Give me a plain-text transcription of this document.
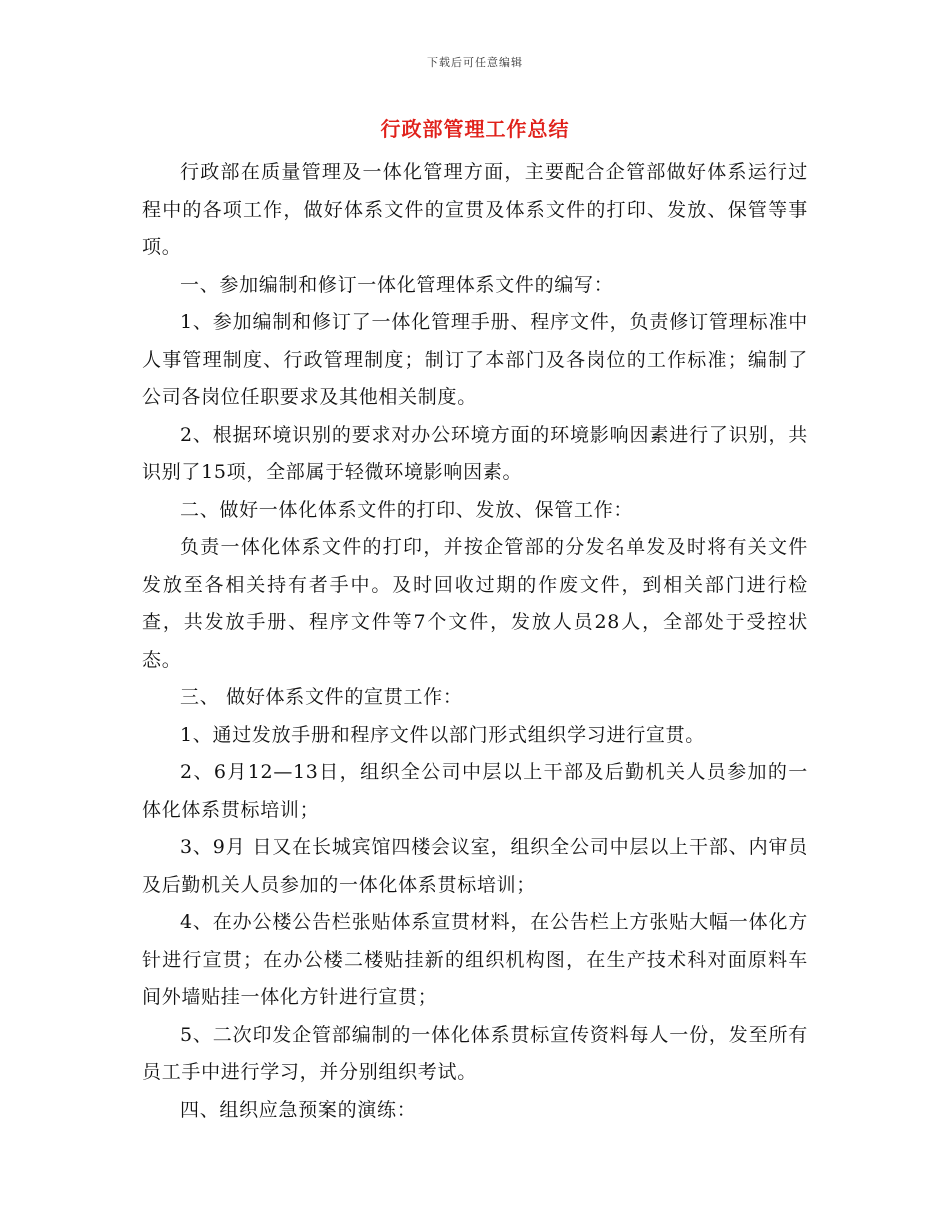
下载后可任意编辑
行政部管理工作总结

行政部在质量管理及一体化管理方面，主要配合企管部做好体系运行过程中的各项工作，做好体系文件的宣贯及体系文件的打印、发放、保管等事项。

一、参加编制和修订一体化管理体系文件的编写：

1、参加编制和修订了一体化管理手册、程序文件，负责修订管理标准中人事管理制度、行政管理制度；制订了本部门及各岗位的工作标准；编制了公司各岗位任职要求及其他相关制度。

2、根据环境识别的要求对办公环境方面的环境影响因素进行了识别，共识别了15项，全部属于轻微环境影响因素。

二、做好一体化体系文件的打印、发放、保管工作：

负责一体化体系文件的打印，并按企管部的分发名单发及时将有关文件发放至各相关持有者手中。及时回收过期的作废文件，到相关部门进行检查，共发放手册、程序文件等7个文件，发放人员28人，全部处于受控状态。

三、 做好体系文件的宣贯工作：

1、通过发放手册和程序文件以部门形式组织学习进行宣贯。

2、6月12—13日，组织全公司中层以上干部及后勤机关人员参加的一体化体系贯标培训；

3、9月 日又在长城宾馆四楼会议室，组织全公司中层以上干部、内审员及后勤机关人员参加的一体化体系贯标培训；

4、在办公楼公告栏张贴体系宣贯材料，在公告栏上方张贴大幅一体化方针进行宣贯；在办公楼二楼贴挂新的组织机构图，在生产技术科对面原料车间外墙贴挂一体化方针进行宣贯；

5、二次印发企管部编制的一体化体系贯标宣传资料每人一份，发至所有员工手中进行学习，并分别组织考试。

四、组织应急预案的演练：
